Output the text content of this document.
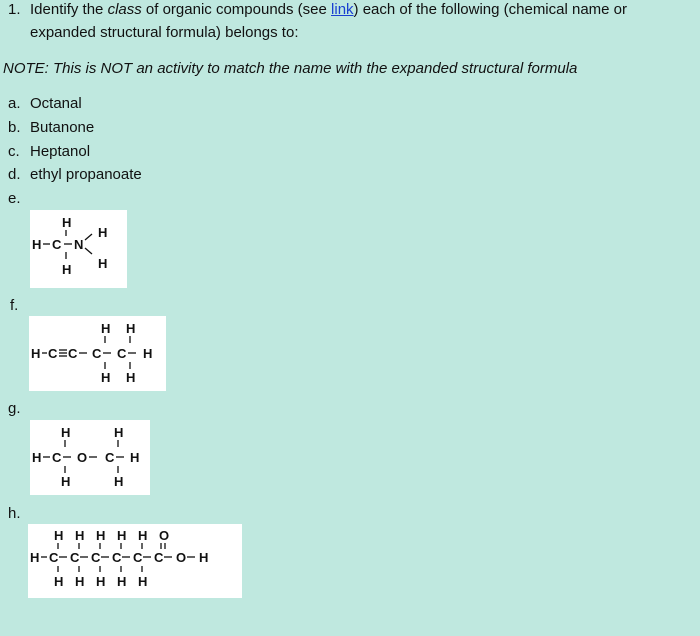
1. Identify the class of organic compounds (see link) each of the following (chemical name or
expanded structural formula) belongs to:
NOTE: This is NOT an activity to match the name with the expanded structural formula
a. Octanal
b. Butanone
c. Heptanol
d. ethyl propanoate
e.
f.
g.
h.
H
H C N
H
H
H
H H
H C C C C H
H H
H	H
H C O C H
H	H
H H H H H O
H C C C C C C O H
H H H H H
